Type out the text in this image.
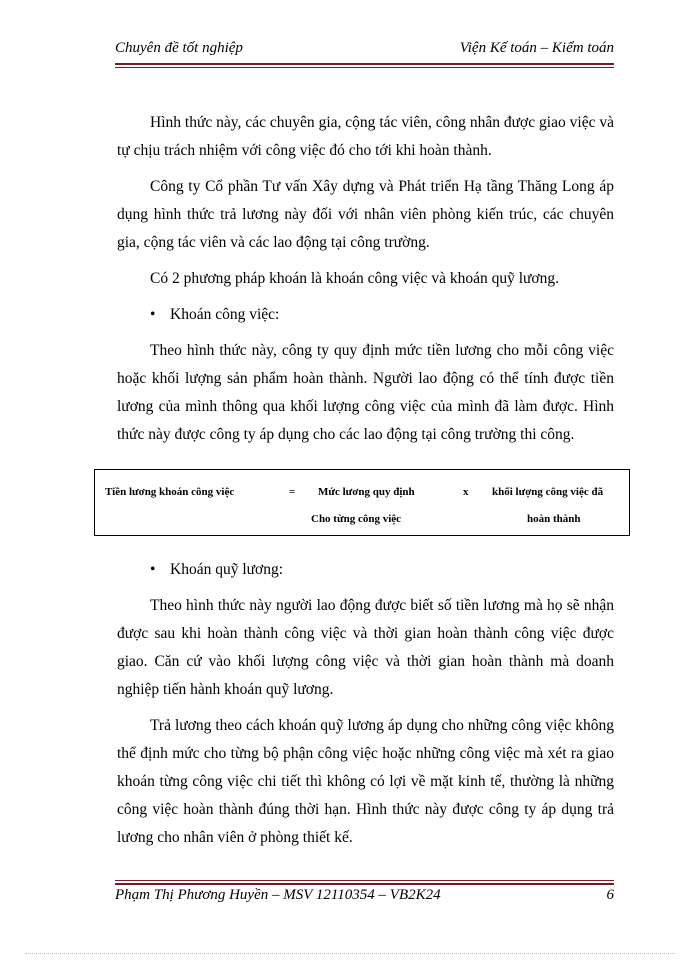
Chuyên đề tốt nghiệp	Viện Kế toán – Kiểm toán

Hình thức này, các chuyên gia, cộng tác viên, công nhân được giao việc và tự chịu trách nhiệm với công việc đó cho tới khi hoàn thành.

Công ty Cổ phần Tư vấn Xây dựng và Phát triển Hạ tầng Thăng Long áp dụng hình thức trả lương này đối với nhân viên phòng kiến trúc, các chuyên gia, cộng tác viên và các lao động tại công trường.

Có 2 phương pháp khoán là khoán công việc và khoán quỹ lương.

• Khoán công việc:

Theo hình thức này, công ty quy định mức tiền lương cho mỗi công việc hoặc khối lượng sản phẩm hoàn thành. Người lao động có thể tính được tiền lương của mình thông qua khối lượng công việc của mình đã làm được. Hình thức này được công ty áp dụng cho các lao động tại công trường thi công.

Tiền lương khoán công việc	= Mức lương quy định
Cho từng công việc
x khối lượng công việc đã
hoàn thành
• Khoán quỹ lương:

Theo hình thức này người lao động được biết số tiền lương mà họ sẽ nhận được sau khi hoàn thành công việc và thời gian hoàn thành công việc được giao. Căn cứ vào khối lượng công việc và thời gian hoàn thành mà doanh nghiệp tiến hành khoán quỹ lương.

Trả lương theo cách khoán quỹ lương áp dụng cho những công việc không thể định mức cho từng bộ phận công việc hoặc những công việc mà xét ra giao khoán từng công việc chi tiết thì không có lợi về mặt kinh tế, thường là những công việc hoàn thành đúng thời hạn. Hình thức này được công ty áp dụng trả lương cho nhân viên ở phòng thiết kế.

Phạm Thị Phương Huyền – MSV 12110354 – VB2K24	6
